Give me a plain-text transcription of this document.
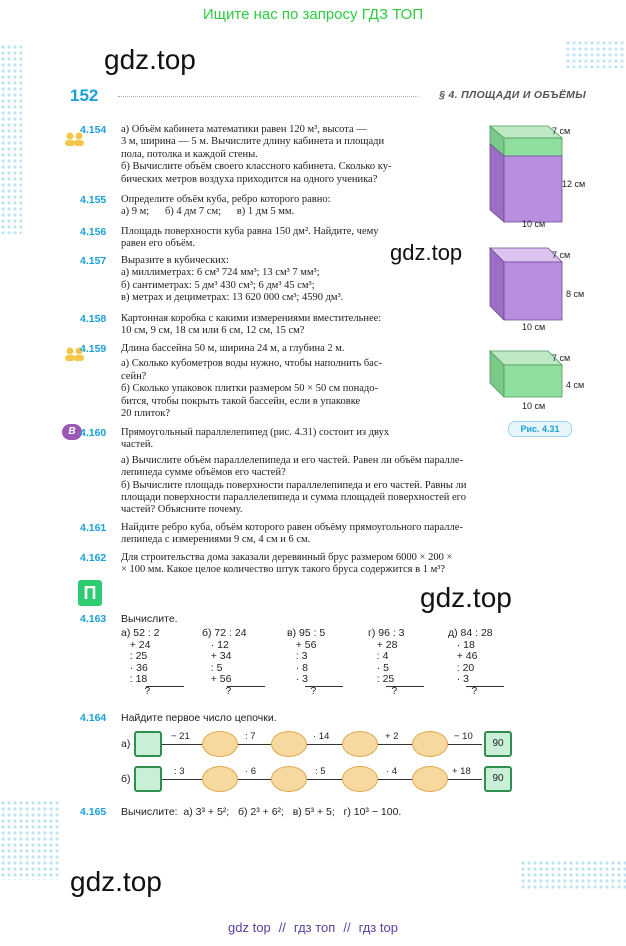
Ищите нас по запросу ГДЗ ТОП
gdz.top
152	§ 4. ПЛОЩАДИ И ОБЪЁМЫ
4.154 а) Объём кабинета математики равен 120 м³, высота —
3 м, ширина — 5 м. Вычислите длину кабинета и площади
пола, потолка и каждой стены.
б) Вычислите объём своего классного кабинета. Сколько ку-
бических метров воздуха приходится на одного ученика?
4.155 Определите объём куба, ребро которого равно:
а) 9 м;      б) 4 дм 7 см;      в) 1 дм 5 мм.
4.156 Площадь поверхности куба равна 150 дм². Найдите, чему
равен его объём.	gdz.top
4.157 Выразите в кубических:
а) миллиметрах: 6 см³ 724 мм³; 13 см³ 7 мм³;
б) сантиметрах: 5 дм³ 430 см³; 6 дм³ 45 см³;
в) метрах и дециметрах: 13 620 000 см³; 4590 дм³.
4.158 Картонная коробка с какими измерениями вместительнее:
10 см, 9 см, 18 см или 6 см, 12 см, 15 см?
4.159 Длина бассейна 50 м, ширина 24 м, а глубина 2 м.
а) Сколько кубометров воды нужно, чтобы наполнить бас-
сейн?
б) Сколько упаковок плитки размером 50 × 50 см понадо-
бится, чтобы покрыть такой бассейн, если в упаковке
20 плиток?
В 4.160 Прямоугольный параллелепипед (рис. 4.31) состоит из двух
частей.
а) Вычислите объём параллелепипеда и его частей. Равен ли объём паралле-
лепипеда сумме объёмов его частей?
б) Вычислите площадь поверхности параллелепипеда и его частей. Равны ли
площади поверхности параллелепипеда и сумма площадей поверхностей его
частей? Объясните почему.
4.161 Найдите ребро куба, объём которого равен объёму прямоугольного паралле-
лепипеда с измерениями 9 см, 4 см и 6 см.
4.162 Для строительства дома заказали деревянный брус размером 6000 × 200 ×
× 100 мм. Какое целое количество штук такого бруса содержится в 1 м³?
П	gdz.top
4.163 Вычислите.
а) 52 : 2
+ 24
: 25
· 36
: 18
?
б) 72 : 24
· 12
+ 34
: 5
+ 56
?
в) 95 : 5
+ 56
: 3
· 8
· 3
?
г) 96 : 3
+ 28
: 4
· 5
: 25
?
д) 84 : 28
· 18
+ 46
: 20
· 3
?
4.164 Найдите первое число цепочки.
а)	90
− 21	: 7	· 14	+ 2	− 10
б)	90
: 3	· 6	: 5	· 4	+ 18
4.165 Вычислите:  а) 3³ + 5²;   б) 2³ + 6²;   в) 5³ + 5;   г) 10³ − 100.
gdz.top
7 см
12 см
10 см
7 см
8 см
10 см
7 см
4 см
10 см
Рис. 4.31
gdz top // гдз топ // гдз top
